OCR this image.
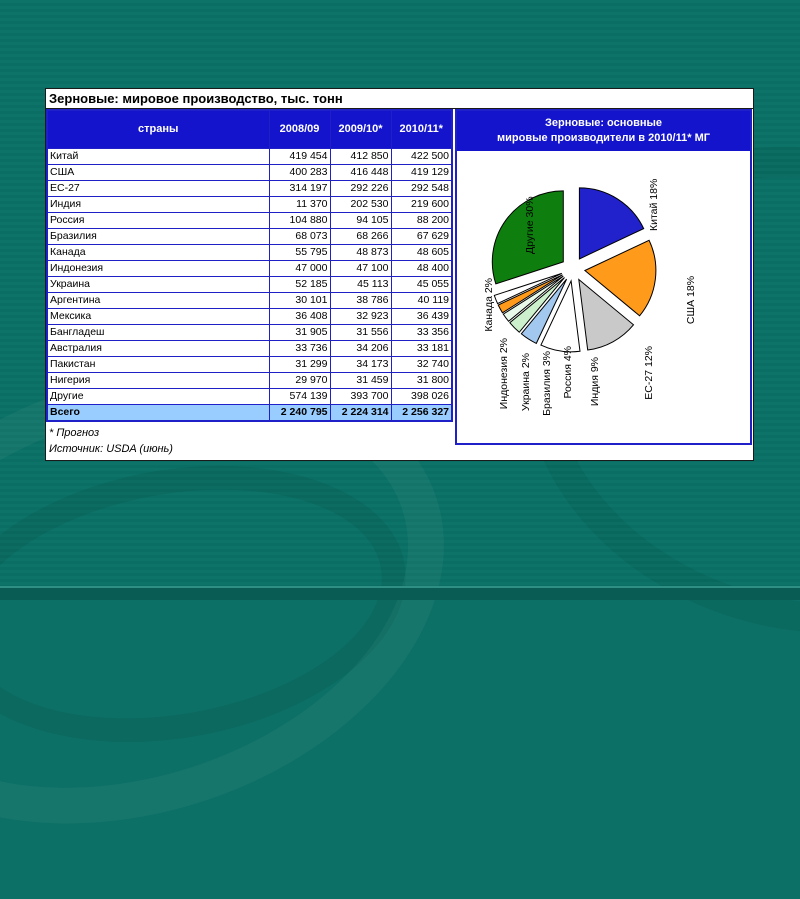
Зерновые: мировое производство, тыс. тонн
страны	2008/09	2009/10*	2010/11*
Китай	419 454	412 850	422 500
США	400 283	416 448	419 129
ЕС-27	314 197	292 226	292 548
Индия	11 370	202 530	219 600
Россия	104 880	94 105	88 200
Бразилия	68 073	68 266	67 629
Канада	55 795	48 873	48 605
Индонезия	47 000	47 100	48 400
Украина	52 185	45 113	45 055
Аргентина	30 101	38 786	40 119
Мексика	36 408	32 923	36 439
Бангладеш	31 905	31 556	33 356
Австралия	33 736	34 206	33 181
Пакистан	31 299	34 173	32 740
Нигерия	29 970	31 459	31 800
Другие	574 139	393 700	398 026
Всего	2 240 795	2 224 314	2 256 327
* Прогноз
Источник: USDA (июнь)
Зерновые: основные
мировые производители в 2010/11* МГ
Китай 18%
США 18%
ЕС-27 12%
Индия 9%
Россия 4%
Бразилия 3%
Украина 2%
Индонезия 2%
Канада 2%
Другие 30%
